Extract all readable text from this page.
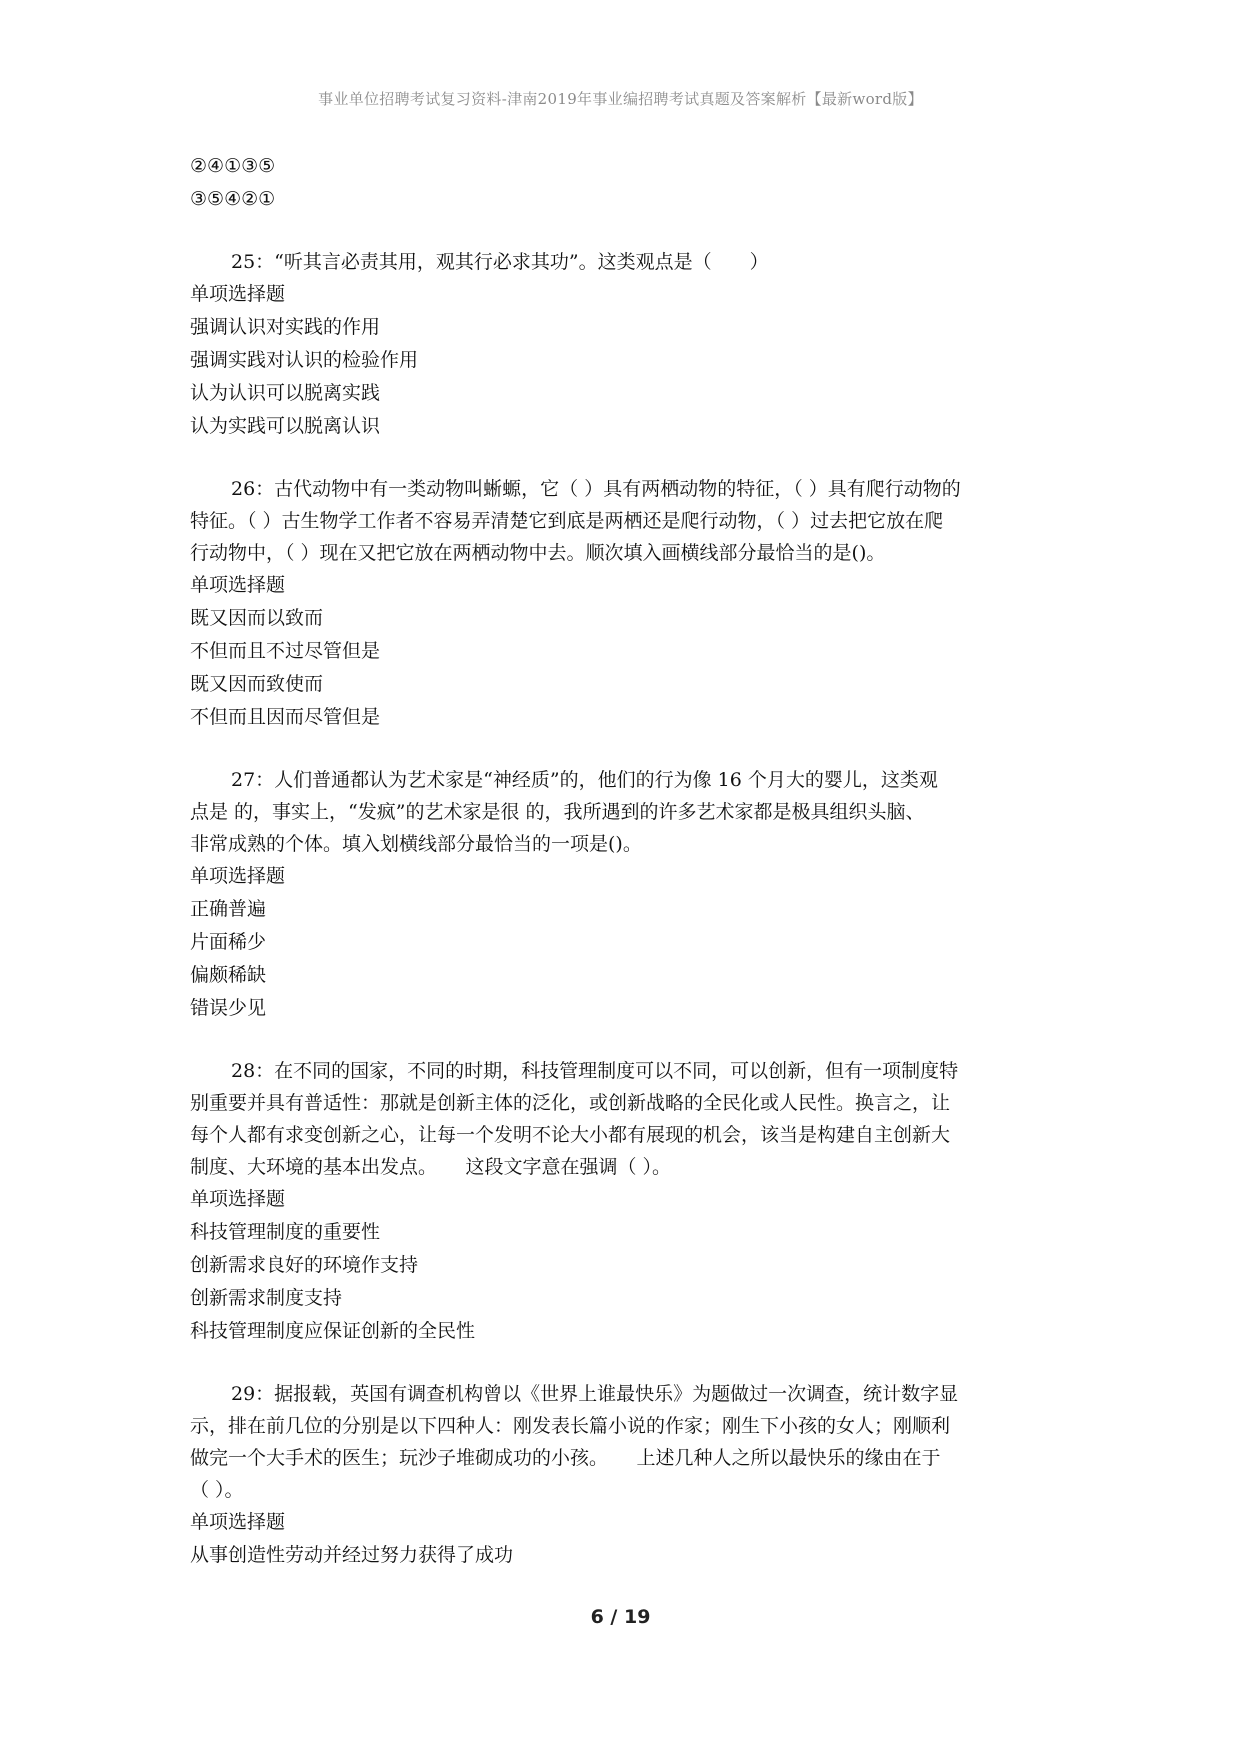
事业单位招聘考试复习资料-津南2019年事业编招聘考试真题及答案解析【最新word版】
②④①③⑤
③⑤④②①
25：“听其言必责其用，观其行必求其功”。这类观点是（　　）
单项选择题
强调认识对实践的作用
强调实践对认识的检验作用
认为认识可以脱离实践
认为实践可以脱离认识
26：古代动物中有一类动物叫蜥螈，它（ ）具有两栖动物的特征，（ ）具有爬行动物的
特征。（ ）古生物学工作者不容易弄清楚它到底是两栖还是爬行动物，（ ）过去把它放在爬
行动物中，（ ）现在又把它放在两栖动物中去。顺次填入画横线部分最恰当的是()。
单项选择题
既又因而以致而
不但而且不过尽管但是
既又因而致使而
不但而且因而尽管但是
27：人们普通都认为艺术家是“神经质”的，他们的行为像 16 个月大的婴儿，这类观
点是 的，事实上，“发疯”的艺术家是很 的，我所遇到的许多艺术家都是极具组织头脑、
非常成熟的个体。填入划横线部分最恰当的一项是()。
单项选择题
正确普遍
片面稀少
偏颇稀缺
错误少见
28：在不同的国家，不同的时期，科技管理制度可以不同，可以创新，但有一项制度特
别重要并具有普适性：那就是创新主体的泛化，或创新战略的全民化或人民性。换言之，让
每个人都有求变创新之心，让每一个发明不论大小都有展现的机会，该当是构建自主创新大
制度、大环境的基本出发点。　　这段文字意在强调（ ）。
单项选择题
科技管理制度的重要性
创新需求良好的环境作支持
创新需求制度支持
科技管理制度应保证创新的全民性
29：据报载，英国有调查机构曾以《世界上谁最快乐》为题做过一次调查，统计数字显
示，排在前几位的分别是以下四种人：刚发表长篇小说的作家；刚生下小孩的女人；刚顺利
做完一个大手术的医生；玩沙子堆砌成功的小孩。　　上述几种人之所以最快乐的缘由在于
（ ）。
单项选择题
从事创造性劳动并经过努力获得了成功
6 / 19
